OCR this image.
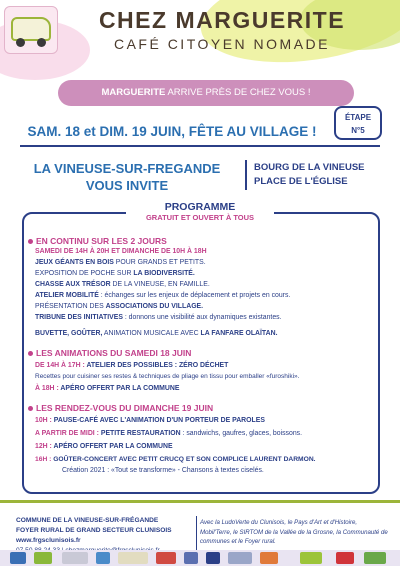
CHEZ MARGUERITE
CAFÉ CITOYEN NOMADE
MARGUERITE ARRIVE PRÈS DE CHEZ VOUS !
ÉTAPE
N°5
SAM. 18 et DIM. 19 JUIN, FÊTE AU VILLAGE !
LA VINEUSE-SUR-FREGANDE
VOUS INVITE
BOURG DE LA VINEUSE
PLACE DE L'ÉGLISE
PROGRAMME
GRATUIT ET OUVERT À TOUS
EN CONTINU SUR LES 2 JOURS
SAMEDI DE 14H À 20H ET DIMANCHE DE 10H À 18H
JEUX GÉANTS EN BOIS POUR GRANDS ET PETITS.
EXPOSITION DE POCHE SUR LA BIODIVERSITÉ.
CHASSE AUX TRÉSOR DE LA VINEUSE, EN FAMILLE.
ATELIER MOBILITÉ : échanges sur les enjeux de déplacement et projets en cours.
PRÉSENTATION DES ASSOCIATIONS DU VILLAGE.
TRIBUNE DES INITIATIVES : donnons une visibilité aux dynamiques existantes.
BUVETTE, GOÛTER, ANIMATION MUSICALE AVEC LA FANFARE OLAÏTAN.
LES ANIMATIONS DU SAMEDI 18 JUIN
DE 14H À 17H : ATELIER DES POSSIBLES : ZÉRO DÉCHET
Recettes pour cuisiner ses restes & techniques de pliage en tissu pour emballer «furoshiki».
À 18H : APÉRO OFFERT PAR LA COMMUNE
LES RENDEZ-VOUS DU DIMANCHE 19 JUIN
10H : PAUSE-CAFÉ AVEC L'ANIMATION D'UN PORTEUR DE PAROLES
A PARTIR DE MIDI : PETITE RESTAURATION : sandwichs, gaufres, glaces, boissons.
12H : APÉRO OFFERT PAR LA COMMUNE
16H : GOÛTER-CONCERT AVEC PETIT CRUCQ ET SON COMPLICE LAURENT DARMON.
Création 2021 : «Tout se transforme» - Chansons à textes ciselés.
COMMUNE DE LA VINEUSE-SUR-FRÉGANDE
FOYER RURAL DE GRAND SECTEUR CLUNISOIS
www.frgsclunisois.fr
Avec la LudoVerte du Clunisois, le Pays d'Art et d'Histoire, Mobil'Terre, le SIRTOM de la Vallée de la Grosne, la Communauté de communes et le Foyer rural.
